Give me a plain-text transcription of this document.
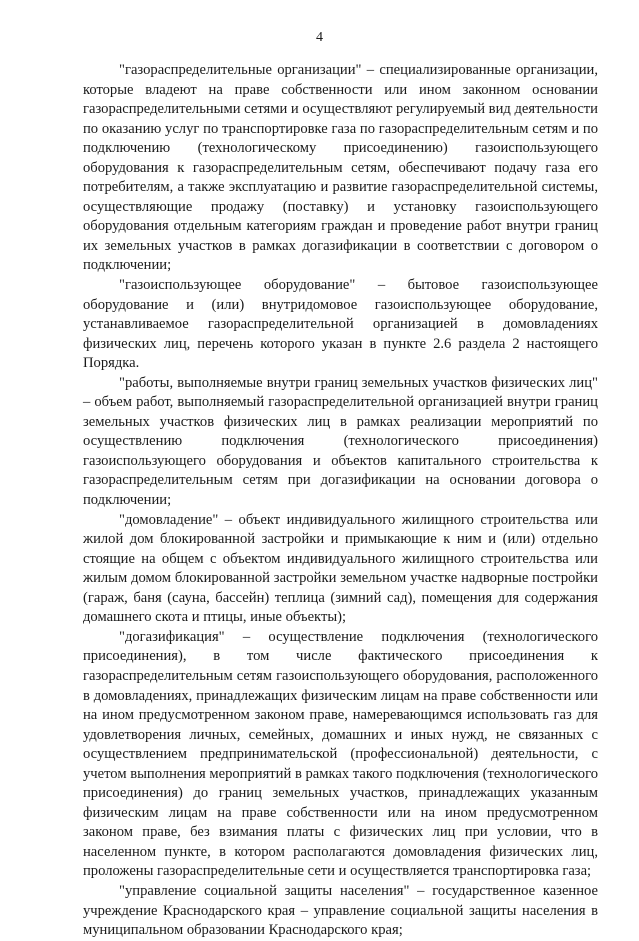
4

"газораспределительные организации" – специализированные организации, которые владеют на праве собственности или ином законном основании газораспределительными сетями и осуществляют регулируемый вид деятельности по оказанию услуг по транспортировке газа по газораспределительным сетям и по подключению (технологическому присоединению) газоиспользующего оборудования к газораспределительным сетям, обеспечивают подачу газа его потребителям, а также эксплуатацию и развитие газораспределительной системы, осуществляющие продажу (поставку) и установку газоиспользующего оборудования отдельным категориям граждан и проведение работ внутри границ их земельных участков в рамках догазификации в соответствии с договором о подключении;

"газоиспользующее оборудование" – бытовое газоиспользующее оборудование и (или) внутридомовое газоиспользующее оборудование, устанавливаемое газораспределительной организацией в домовладениях физических лиц, перечень которого указан в пункте 2.6 раздела 2 настоящего Порядка.

"работы, выполняемые внутри границ земельных участков физических лиц" – объем работ, выполняемый газораспределительной организацией внутри границ земельных участков физических лиц в рамках реализации мероприятий по осуществлению подключения (технологического присоединения) газоиспользующего оборудования и объектов капитального строительства к газораспределительным сетям при догазификации на основании договора о подключении;

"домовладение" – объект индивидуального жилищного строительства или жилой дом блокированной застройки и примыкающие к ним и (или) отдельно стоящие на общем с объектом индивидуального жилищного строительства или жилым домом блокированной застройки земельном участке надворные постройки (гараж, баня (сауна, бассейн) теплица (зимний сад), помещения для содержания домашнего скота и птицы, иные объекты);

"догазификация" – осуществление подключения (технологического присоединения), в том числе фактического присоединения к газораспределительным сетям газоиспользующего оборудования, расположенного в домовладениях, принадлежащих физическим лицам на праве собственности или на ином предусмотренном законом праве, намеревающимся использовать газ для удовлетворения личных, семейных, домашних и иных нужд, не связанных с осуществлением предпринимательской (профессиональной) деятельности, с учетом выполнения мероприятий в рамках такого подключения (технологического присоединения) до границ земельных участков, принадлежащих указанным физическим лицам на праве собственности или на ином предусмотренном законом праве, без взимания платы с физических лиц при условии, что в населенном пункте, в котором располагаются домовладения физических лиц, проложены газораспределительные сети и осуществляется транспортировка газа;

"управление социальной защиты населения" – государственное казенное учреждение Краснодарского края – управление социальной защиты населения в муниципальном образовании Краснодарского края;
